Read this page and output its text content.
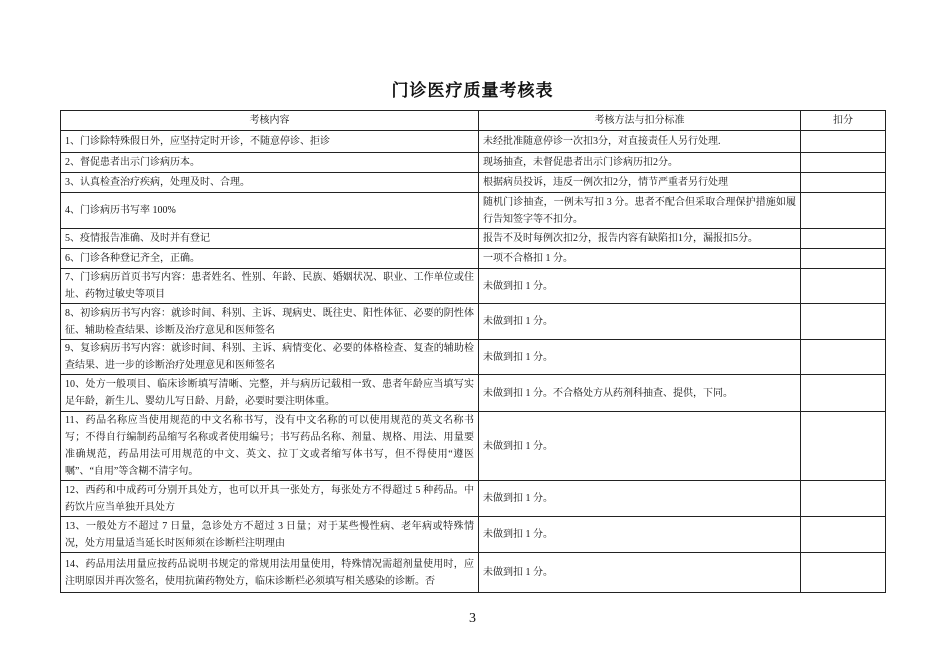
门诊医疗质量考核表
考核内容	考核方法与扣分标准	扣分
1、门诊除特殊假日外，应坚持定时开诊，不随意停诊、拒诊	未经批准随意停诊一次扣3分，对直接责任人另行处理.	
2、督促患者出示门诊病历本。	现场抽查，未督促患者出示门诊病历扣2分。	
3、认真检查治疗疾病，处理及时、合理。	根据病员投诉，违反一例次扣2分，情节严重者另行处理	
4、门诊病历书写率 100%	随机门诊抽查，一例未写扣 3 分。患者不配合但采取合理保护措施如履行告知签字等不扣分。	
5、疫情报告准确、及时并有登记	报告不及时每例次扣2分，报告内容有缺陷扣1分，漏报扣5分。	
6、门诊各种登记齐全，正确。	一项不合格扣 1 分。	
7、门诊病历首页书写内容：患者姓名、性别、年龄、民族、婚姻状况、职业、工作单位或住址、药物过敏史等项目	未做到扣 1 分。	
8、初诊病历书写内容：就诊时间、科别、主诉、现病史、既往史、阳性体征、必要的阴性体征、辅助检查结果、诊断及治疗意见和医师签名	未做到扣 1 分。	
9、复诊病历书写内容：就诊时间、科别、主诉、病情变化、必要的体格检查、复查的辅助检查结果、进一步的诊断治疗处理意见和医师签名	未做到扣 1 分。	
10、处方一般项目、临床诊断填写清晰、完整，并与病历记载相一致、患者年龄应当填写实足年龄，新生儿、婴幼儿写日龄、月龄，必要时要注明体重。	未做到扣 1 分。不合格处方从药剂科抽查、提供，下同。	
11、药品名称应当使用规范的中文名称书写，没有中文名称的可以使用规范的英文名称书写；不得自行编制药品缩写名称或者使用编号；书写药品名称、剂量、规格、用法、用量要准确规范，药品用法可用规范的中文、英文、拉丁文或者缩写体书写，但不得使用“遵医嘱”、“自用”等含糊不清字句。	未做到扣 1 分。	
12、西药和中成药可分别开具处方，也可以开具一张处方，每张处方不得超过 5 种药品。中药饮片应当单独开具处方	未做到扣 1 分。	
13、一般处方不超过 7 日量，急诊处方不超过 3 日量；对于某些慢性病、老年病或特殊情况，处方用量适当延长时医师须在诊断栏注明理由	未做到扣 1 分。	
14、药品用法用量应按药品说明书规定的常规用法用量使用，特殊情况需超剂量使用时，应注明原因并再次签名，使用抗菌药物处方，临床诊断栏必须填写相关感染的诊断。否	未做到扣 1 分。	
3
